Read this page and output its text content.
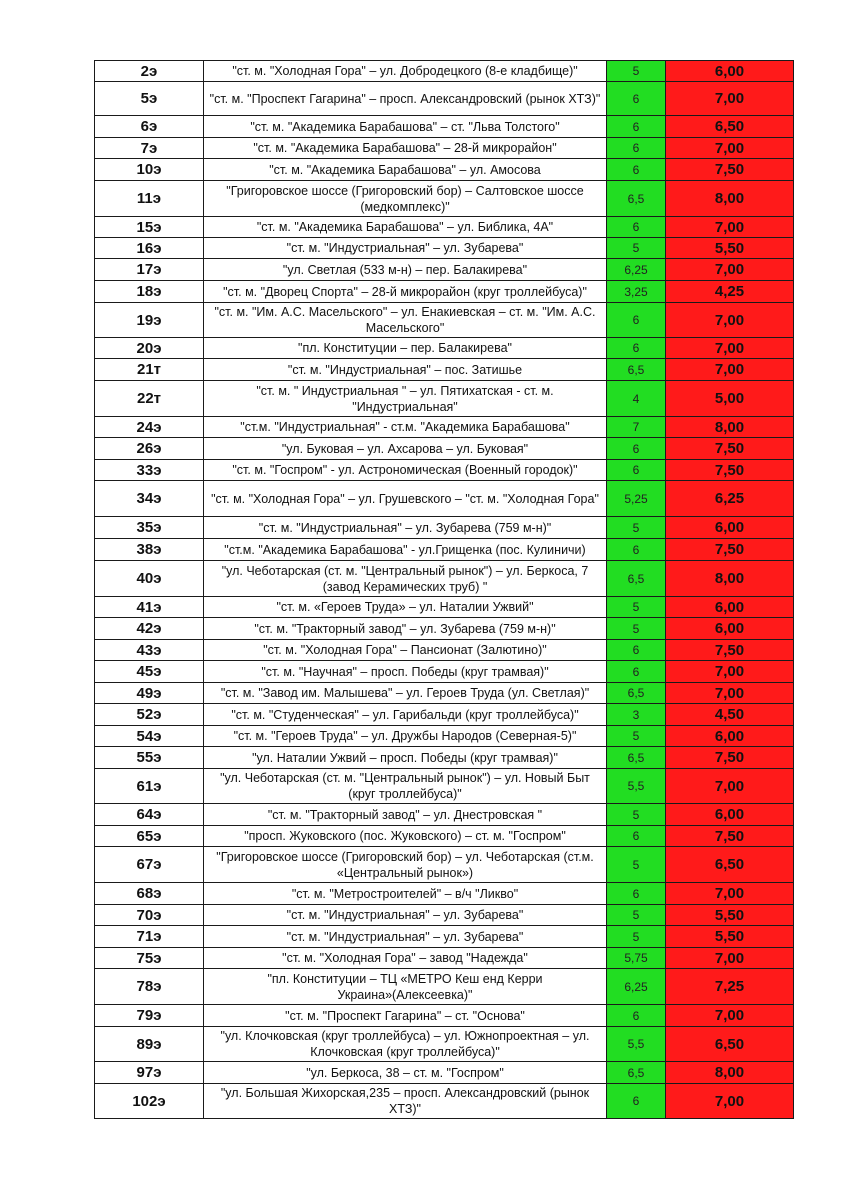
2э	"ст. м. "Холодная Гора" – ул. Добродецкого (8-е кладбище)"	5	6,00
5э	"ст. м. "Проспект Гагарина" – просп. Александровский (рынок ХТЗ)"	6	7,00
6э	"ст. м. "Академика Барабашова" – ст. "Льва Толстого"	6	6,50
7э	"ст. м. "Академика Барабашова" – 28-й микрорайон"	6	7,00
10э	"ст. м. "Академика Барабашова" – ул. Амосова	6	7,50
11э	"Григоровское шоссе (Григоровский бор) – Салтовское шоссе (медкомплекс)"	6,5	8,00
15э	"ст. м. "Академика Барабашова" – ул. Библика, 4А"	6	7,00
16э	"ст. м. "Индустриальная" – ул. Зубарева"	5	5,50
17э	"ул. Светлая (533 м-н) – пер. Балакирева"	6,25	7,00
18э	"ст. м. "Дворец Спорта" – 28-й микрорайон (круг троллейбуса)"	3,25	4,25
19э	"ст. м. "Им. А.С. Масельского" – ул. Енакиевская – ст. м. "Им. А.С. Масельского"	6	7,00
20э	"пл. Конституции – пер. Балакирева"	6	7,00
21т	"ст. м. "Индустриальная" – пос. Затишье	6,5	7,00
22т	"ст. м. " Индустриальная " – ул. Пятихатская - ст. м. "Индустриальная"	4	5,00
24э	"ст.м. "Индустриальная" - ст.м. "Академика Барабашова"	7	8,00
26э	"ул. Буковая – ул. Ахсарова – ул. Буковая"	6	7,50
33э	"ст. м. "Госпром" - ул. Астрономическая (Военный городок)"	6	7,50
34э	"ст. м. "Холодная Гора" – ул. Грушевского – "ст. м. "Холодная Гора"	5,25	6,25
35э	"ст. м. "Индустриальная" – ул. Зубарева (759 м-н)"	5	6,00
38э	"ст.м. "Академика Барабашова" - ул.Грищенка (пос. Кулиничи)	6	7,50
40э	"ул. Чеботарская (ст. м. "Центральный рынок") – ул. Беркоса, 7 (завод Керамических труб) "	6,5	8,00
41э	"ст. м. «Героев Труда» – ул. Наталии Ужвий"	5	6,00
42э	"ст. м. "Тракторный завод" – ул. Зубарева (759 м-н)"	5	6,00
43э	"ст. м. "Холодная Гора" – Пансионат (Залютино)"	6	7,50
45э	"ст. м. "Научная" – просп. Победы (круг трамвая)"	6	7,00
49э	"ст. м. "Завод им. Малышева" – ул. Героев Труда (ул. Светлая)"	6,5	7,00
52э	"ст. м. "Студенческая" – ул. Гарибальди (круг троллейбуса)"	3	4,50
54э	"ст. м. "Героев Труда" – ул. Дружбы Народов (Северная-5)"	5	6,00
55э	"ул. Наталии Ужвий – просп. Победы (круг трамвая)"	6,5	7,50
61э	"ул. Чеботарская (ст. м. "Центральный рынок") – ул. Новый Быт (круг троллейбуса)"	5,5	7,00
64э	"ст. м. "Тракторный завод" – ул. Днестровская "	5	6,00
65э	"просп. Жуковского (пос. Жуковского) – ст. м. "Госпром"	6	7,50
67э	"Григоровское шоссе (Григоровский бор) – ул. Чеботарская (ст.м. «Центральный рынок»)	5	6,50
68э	"ст. м. "Метростроителей" – в/ч "Ликво"	6	7,00
70э	"ст. м. "Индустриальная" – ул. Зубарева"	5	5,50
71э	"ст. м. "Индустриальная" – ул. Зубарева"	5	5,50
75э	"ст. м. "Холодная Гора" – завод "Надежда"	5,75	7,00
78э	"пл. Конституции – ТЦ «МЕТРО Кеш енд Керри Украина»(Алексеевка)"	6,25	7,25
79э	"ст. м. "Проспект Гагарина" – ст. "Основа"	6	7,00
89э	"ул. Клочковская (круг троллейбуса) – ул. Южнопроектная – ул. Клочковская (круг троллейбуса)"	5,5	6,50
97э	"ул. Беркоса, 38 – ст. м. "Госпром"	6,5	8,00
102э	"ул. Большая Жихорская,235 – просп. Александровский (рынок ХТЗ)"	6	7,00
